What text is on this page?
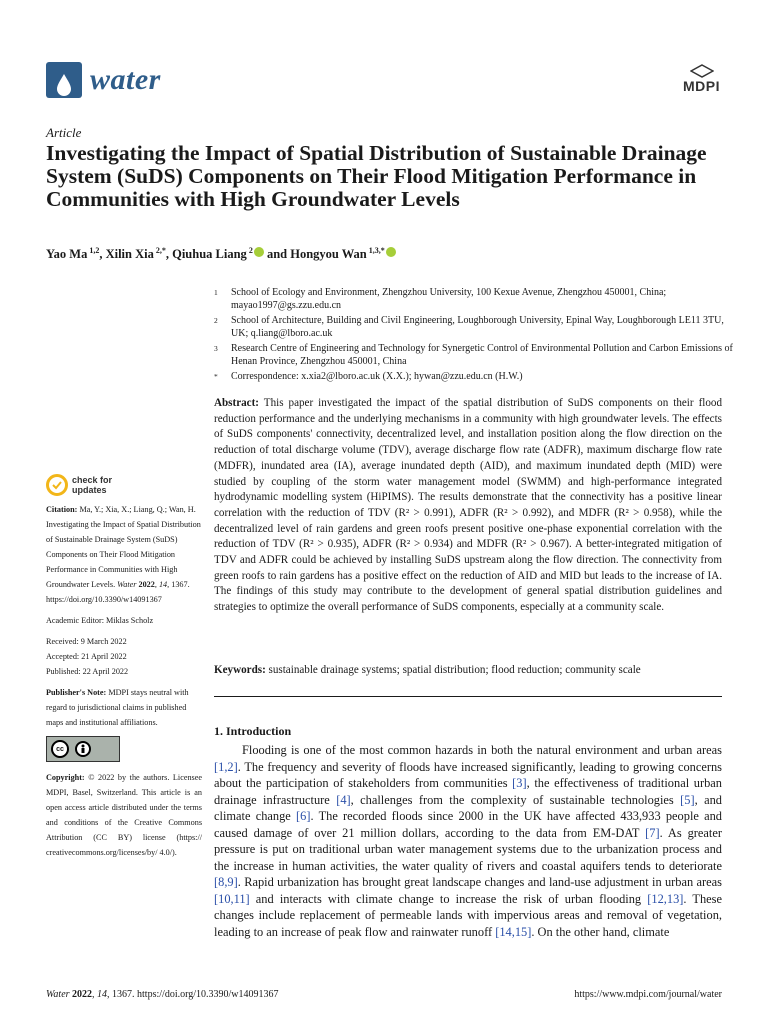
water	MDPI
Article
Investigating the Impact of Spatial Distribution of Sustainable Drainage System (SuDS) Components on Their Flood Mitigation Performance in Communities with High Groundwater Levels
Yao Ma $^{1,2}$, Xilin Xia $^{2,*}$, Qiuhua Liang $^2$ and Hongyou Wan $^{1,3,*}$
1	School of Ecology and Environment, Zhengzhou University, 100 Kexue Avenue, Zhengzhou 450001, China; mayao1997@gs.zzu.edu.cn
2	School of Architecture, Building and Civil Engineering, Loughborough University, Epinal Way, Loughborough LE11 3TU, UK; q.liang@lboro.ac.uk
3	Research Centre of Engineering and Technology for Synergetic Control of Environmental Pollution and Carbon Emissions of Henan Province, Zhengzhou 450001, China
*	Correspondence: x.xia2@lboro.ac.uk (X.X.); hywan@zzu.edu.cn (H.W.)
Abstract: This paper investigated the impact of the spatial distribution of SuDS components on their flood reduction performance and the underlying mechanisms in a community with high groundwater levels. The effects of SuDS components' connectivity, decentralized level, and installation position along the flow direction on the reduction of total discharge volume (TDV), average discharge flow rate (ADFR), maximum discharge flow rate (MDFR), inundated area (IA), average inundated depth (AID), and maximum inundated depth (MID) were studied by coupling of the storm water management model (SWMM) and high-performance integrated hydrodynamic modelling system (HiPIMS). The results demonstrate that the connectivity has a positive linear correlation with the reduction of TDV (R² > 0.991), ADFR (R² > 0.992), and MDFR (R² > 0.958), while the decentralized level of rain gardens and green roofs present positive one-phase exponential correlation with the reduction of TDV (R² > 0.935), ADFR (R² > 0.934) and MDFR (R² > 0.967). A better-integrated mitigation of TDV and ADFR could be achieved by installing SuDS upstream along the flow direction. The connectivity from green roofs to rain gardens has a positive effect on the reduction of AID and MID but leads to the increase of IA. The findings of this study may contribute to the development of general spatial distribution guidelines and strategies to optimize the overall performance of SuDS components, especially at a community scale.
Keywords: sustainable drainage systems; spatial distribution; flood reduction; community scale
check for updates
Citation: Ma, Y.; Xia, X.; Liang, Q.; Wan, H. Investigating the Impact of Spatial Distribution of Sustainable Drainage System (SuDS) Components on Their Flood Mitigation Performance in Communities with High Groundwater Levels. Water 2022, 14, 1367. https://doi.org/10.3390/w14091367
Academic Editor: Miklas Scholz
Received: 9 March 2022
Accepted: 21 April 2022
Published: 22 April 2022
Publisher's Note: MDPI stays neutral with regard to jurisdictional claims in published maps and institutional affiliations.
cc
Copyright: © 2022 by the authors. Licensee MDPI, Basel, Switzerland. This article is an open access article distributed under the terms and conditions of the Creative Commons Attribution (CC BY) license (https:// creativecommons.org/licenses/by/ 4.0/).
1. Introduction
Flooding is one of the most common hazards in both the natural environment and urban areas [1,2]. The frequency and severity of floods have increased significantly, leading to growing concerns about the participation of stakeholders from communities [3], the effectiveness of traditional urban drainage infrastructure [4], challenges from the complexity of sustainable technologies [5], and climate change [6]. The recorded floods since 2000 in the UK have affected 433,933 people and caused damage of over 21 million dollars, according to the data from EM-DAT [7]. As greater pressure is put on traditional urban water management systems due to the urbanization process and the increase in human activities, the water quality of rivers and coastal aquifers tends to deteriorate [8,9]. Rapid urbanization has brought great landscape changes and land-use adjustment in urban areas [10,11] and interacts with climate change to increase the risk of urban flooding [12,13]. These changes include replacement of permeable lands with impervious areas and removal of vegetation, leading to an increase of peak flow and rainwater runoff [14,15]. On the other hand, climate
Water 2022, 14, 1367. https://doi.org/10.3390/w14091367	https://www.mdpi.com/journal/water
